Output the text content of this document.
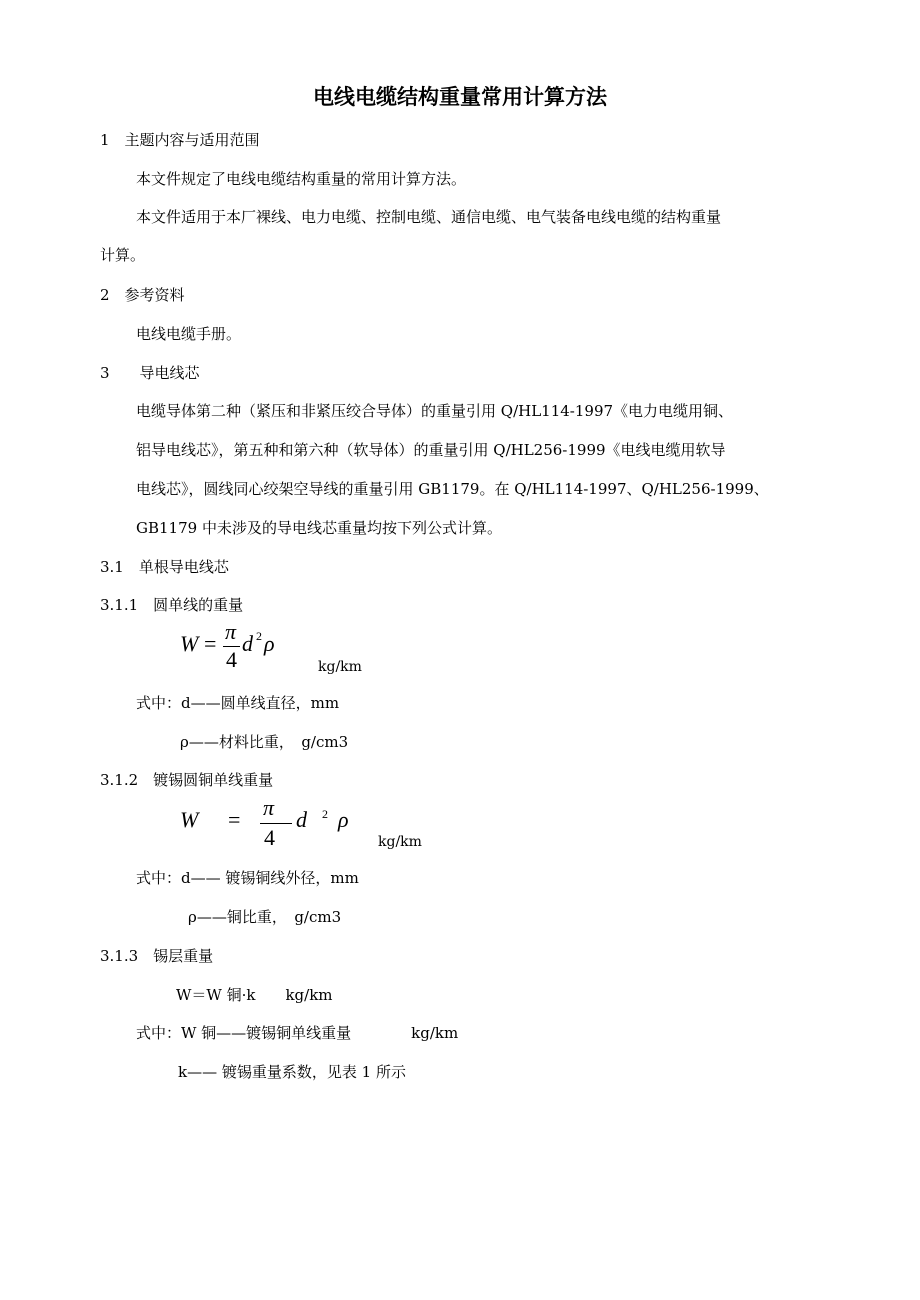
电线电缆结构重量常用计算方法
1　主题内容与适用范围
本文件规定了电线电缆结构重量的常用计算方法。
本文件适用于本厂裸线、电力电缆、控制电缆、通信电缆、电气装备电线电缆的结构重量
计算。
2　参考资料
电线电缆手册。
3　　导电线芯
电缆导体第二种（紧压和非紧压绞合导体）的重量引用 Q/HL114-1997《电力电缆用铜、
铝导电线芯》，第五种和第六种（软导体）的重量引用 Q/HL256-1999《电线电缆用软导
电线芯》，圆线同心绞架空导线的重量引用 GB1179。在 Q/HL114-1997、Q/HL256-1999、
GB1179 中未涉及的导电线芯重量均按下列公式计算。
3.1　单根导电线芯
3.1.1　圆单线的重量
W = π
4
d 2 ρ
kg/km
式中：d——圆单线直径，mm
ρ——材料比重，　g/cm3
3.1.2　镀锡圆铜单线重量
W = π
4
d 2 ρ
kg/km
式中：d—— 镀锡铜线外径，mm
ρ——铜比重，　g/cm3
3.1.3　锡层重量
W＝W 铜·k　　kg/km
式中：W 铜——镀锡铜单线重量　　　　kg/km
k—— 镀锡重量系数，见表 1 所示
